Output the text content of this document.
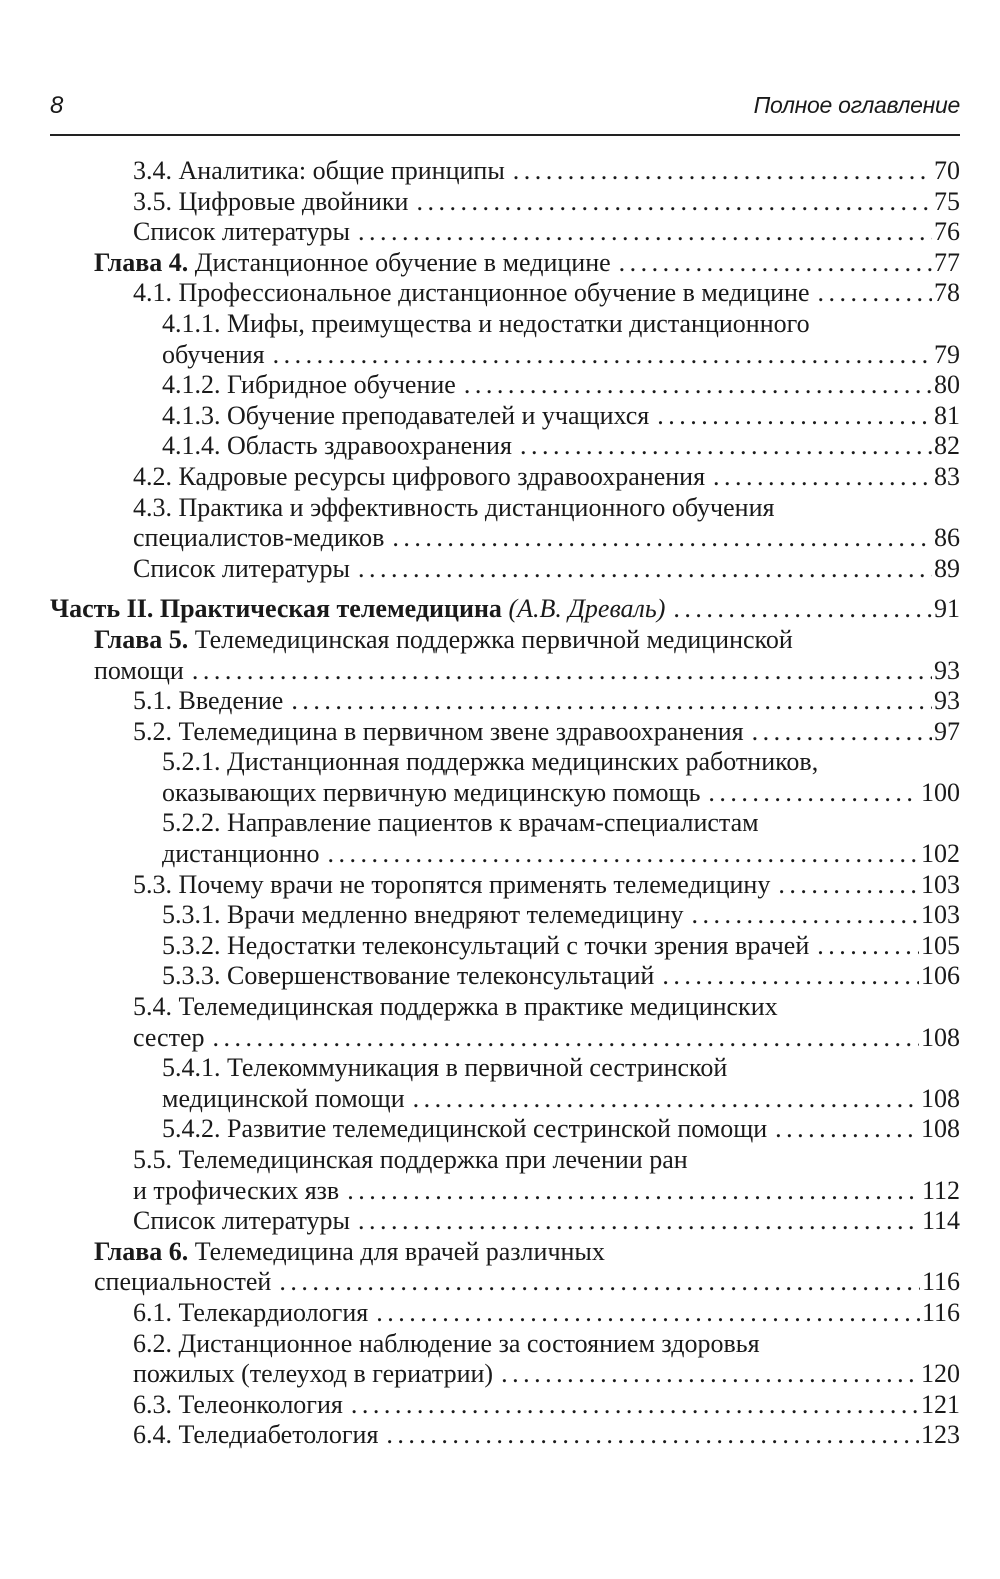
8	Полное оглавление
3.4. Аналитика: общие принципы . . .	70
3.5. Цифровые двойники . . .	75
Список литературы . . .	76
Глава 4. Дистанционное обучение в медицине . . .	77
4.1. Профессиональное дистанционное обучение в медицине . . .	78
4.1.1. Мифы, преимущества и недостатки дистанционного
обучения . . .	79
4.1.2. Гибридное обучение . . .	80
4.1.3. Обучение преподавателей и учащихся . . .	81
4.1.4. Область здравоохранения . . .	82
4.2. Кадровые ресурсы цифрового здравоохранения . . .	83
4.3. Практика и эффективность дистанционного обучения
специалистов-медиков . . .	86
Список литературы . . .	89
Часть II. Практическая телемедицина (А.В. Древаль) . . .	91
Глава 5. Телемедицинская поддержка первичной медицинской
помощи . . .	93
5.1. Введение . . .	93
5.2. Телемедицина в первичном звене здравоохранения . . .	97
5.2.1. Дистанционная поддержка медицинских работников,
оказывающих первичную медицинскую помощь . . .	100
5.2.2. Направление пациентов к врачам-специалистам
дистанционно . . .	102
5.3. Почему врачи не торопятся применять телемедицину . . .	103
5.3.1. Врачи медленно внедряют телемедицину . . .	103
5.3.2. Недостатки телеконсультаций с точки зрения врачей . . .	105
5.3.3. Совершенствование телеконсультаций . . .	106
5.4. Телемедицинская поддержка в практике медицинских
сестер . . .	108
5.4.1. Телекоммуникация в первичной сестринской
медицинской помощи . . .	108
5.4.2. Развитие телемедицинской сестринской помощи . . .	108
5.5. Телемедицинская поддержка при лечении ран
и трофических язв . . .	112
Список литературы . . .	114
Глава 6. Телемедицина для врачей различных
специальностей . . .	116
6.1. Телекардиология . . .	116
6.2. Дистанционное наблюдение за состоянием здоровья
пожилых (телеуход в гериатрии) . . .	120
6.3. Телеонкология . . .	121
6.4. Теледиабетология . . .	123
